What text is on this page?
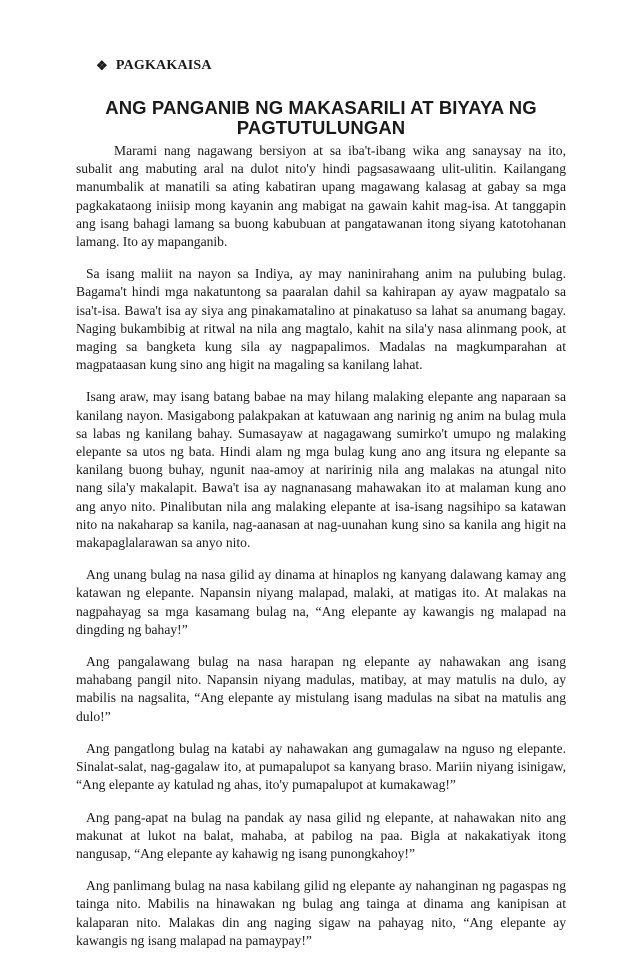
❖ PAGKAKAISA
ANG PANGANIB NG MAKASARILI AT BIYAYA NG PAGTUTULUNGAN

Marami nang nagawang bersiyon at sa iba't-ibang wika ang sanaysay na ito, subalit ang mabuting aral na dulot nito'y hindi pagsasawaang ulit-ulitin. Kailangang manumbalik at manatili sa ating kabatiran upang magawang kalasag at gabay sa mga pagkakataong iniisip mong kayanin ang mabigat na gawain kahit mag-isa. At tanggapin ang isang bahagi lamang sa buong kabubuan at pangatawanan itong siyang katotohanan lamang. Ito ay mapanganib.

Sa isang maliit na nayon sa Indiya, ay may naninirahang anim na pulubing bulag. Bagama't hindi mga nakatuntong sa paaralan dahil sa kahirapan ay ayaw magpatalo sa isa't-isa. Bawa't isa ay siya ang pinakamatalino at pinakatuso sa lahat sa anumang bagay. Naging bukambibig at ritwal na nila ang magtalo, kahit na sila'y nasa alinmang pook, at maging sa bangketa kung sila ay nagpapalimos. Madalas na magkumparahan at magpataasan kung sino ang higit na magaling sa kanilang lahat.

Isang araw, may isang batang babae na may hilang malaking elepante ang naparaan sa kanilang nayon. Masigabong palakpakan at katuwaan ang narinig ng anim na bulag mula sa labas ng kanilang bahay. Sumasayaw at nagagawang sumirko't umupo ng malaking elepante sa utos ng bata. Hindi alam ng mga bulag kung ano ang itsura ng elepante sa kanilang buong buhay, ngunit naa-amoy at naririnig nila ang malakas na atungal nito nang sila'y makalapit. Bawa't isa ay nagnanasang mahawakan ito at malaman kung ano ang anyo nito. Pinalibutan nila ang malaking elepante at isa-isang nagsihipo sa katawan nito na nakaharap sa kanila, nag-aanasan at nag-uunahan kung sino sa kanila ang higit na makapaglalarawan sa anyo nito.

Ang unang bulag na nasa gilid ay dinama at hinaplos ng kanyang dalawang kamay ang katawan ng elepante. Napansin niyang malapad, malaki, at matigas ito. At malakas na nagpahayag sa mga kasamang bulag na, “Ang elepante ay kawangis ng malapad na dingding ng bahay!”

Ang pangalawang bulag na nasa harapan ng elepante ay nahawakan ang isang mahabang pangil nito. Napansin niyang madulas, matibay, at may matulis na dulo, ay mabilis na nagsalita, “Ang elepante ay mistulang isang madulas na sibat na matulis ang dulo!”

Ang pangatlong bulag na katabi ay nahawakan ang gumagalaw na nguso ng elepante. Sinalat-salat, nag-gagalaw ito, at pumapalupot sa kanyang braso. Mariin niyang isinigaw, “Ang elepante ay katulad ng ahas, ito'y pumapalupot at kumakawag!”

Ang pang-apat na bulag na pandak ay nasa gilid ng elepante, at nahawakan nito ang makunat at lukot na balat, mahaba, at pabilog na paa. Bigla at nakakatiyak itong nangusap, “Ang elepante ay kahawig ng isang punongkahoy!”

Ang panlimang bulag na nasa kabilang gilid ng elepante ay nahanginan ng pagaspas ng tainga nito. Mabilis na hinawakan ng bulag ang tainga at dinama ang kanipisan at kalaparan nito. Malakas din ang naging sigaw na pahayag nito, “Ang elepante ay kawangis ng isang malapad na pamaypay!”
